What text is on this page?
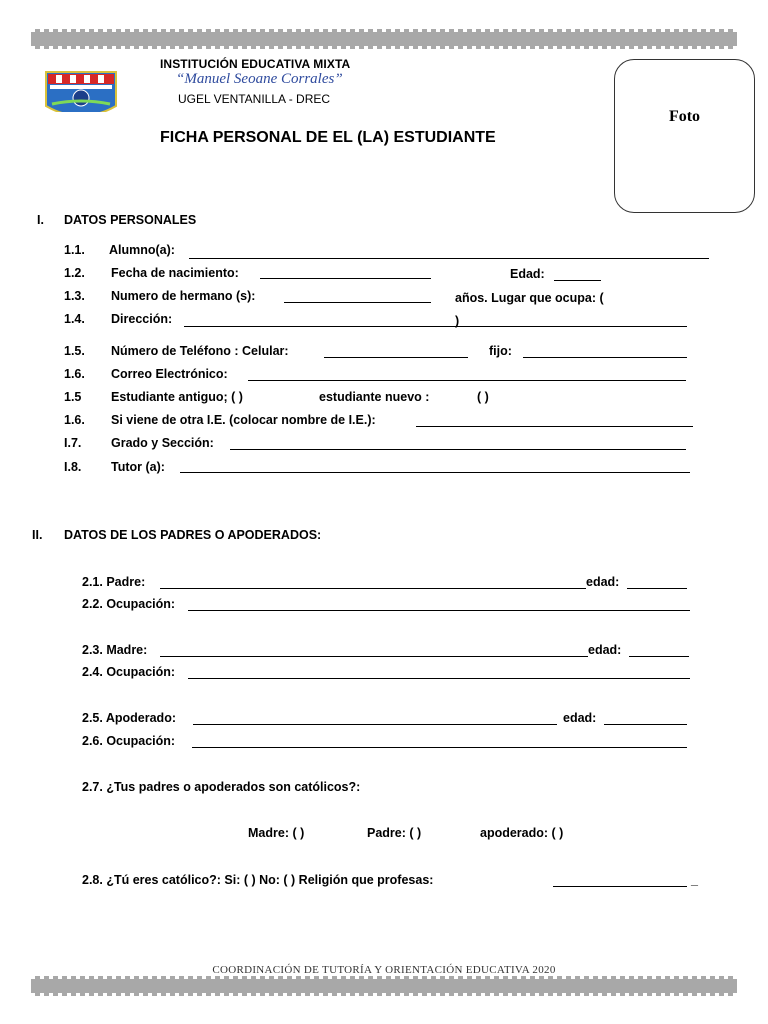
INSTITUCIÓN EDUCATIVA MIXTA
“Manuel Seoane Corrales”
UGEL VENTANILLA - DREC
FICHA PERSONAL DE EL (LA) ESTUDIANTE
Foto
I. DATOS PERSONALES
1.1. Alumno(a):
1.2. Fecha de nacimiento:	Edad:
1.3. Numero de hermano (s):	años. Lugar que ocupa: (
1.4. Dirección:	)
1.5. Número de Teléfono : Celular:	fijo:
1.6. Correo Electrónico:
1.5 Estudiante antiguo; ( )	estudiante nuevo :	( )
1.6. Si viene de otra I.E. (colocar nombre de I.E.):
I.7. Grado y Sección:
I.8. Tutor (a):
II. DATOS DE LOS PADRES O APODERADOS:
2.1. Padre:	edad:
2.2. Ocupación:
2.3. Madre:	edad:
2.4. Ocupación:
2.5. Apoderado:	edad:
2.6. Ocupación:
2.7. ¿Tus padres o apoderados son católicos?:
Madre: ( )	Padre: ( )	apoderado: ( )
2.8. ¿Tú eres católico?: Si: ( ) No: ( ) Religión que profesas:	_
COORDINACIÓN DE TUTORÍA Y ORIENTACIÓN EDUCATIVA 2020
